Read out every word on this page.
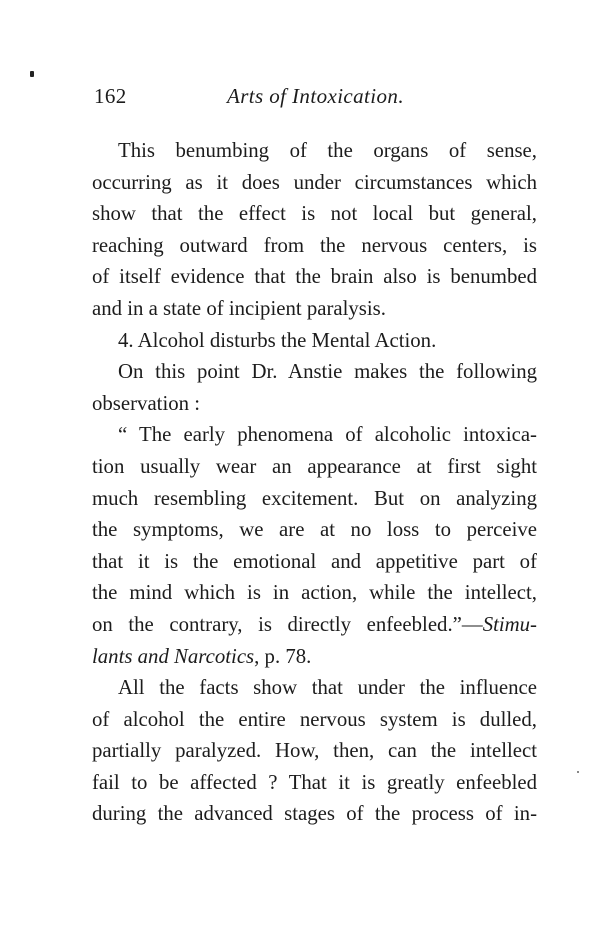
162	Arts of Intoxication.
This benumbing of the organs of sense,
occurring as it does under circumstances which
show that the effect is not local but general,
reaching outward from the nervous centers, is
of itself evidence that the brain also is benumbed
and in a state of incipient paralysis.
4. Alcohol disturbs the Mental Action.
On this point Dr. Anstie makes the following
observation :
“ The early phenomena of alcoholic intoxica-
tion usually wear an appearance at first sight
much resembling excitement. But on analyzing
the symptoms, we are at no loss to perceive
that it is the emotional and appetitive part of
the mind which is in action, while the intellect,
on the contrary, is directly enfeebled.”—Stimu-
lants and Narcotics, p. 78.
All the facts show that under the influence
of alcohol the entire nervous system is dulled,
partially paralyzed. How, then, can the intellect
fail to be affected ? That it is greatly enfeebled
during the advanced stages of the process of in-
